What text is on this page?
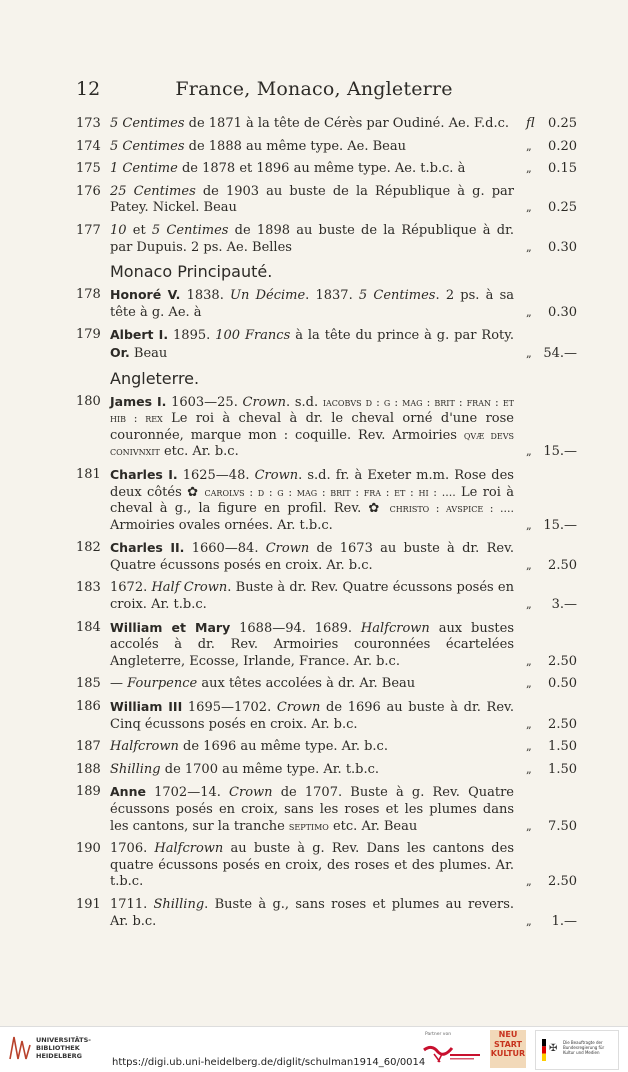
12	France, Monaco, Angleterre
173 5 Centimes de 1871 à la tête de Cérès par Oudiné. Ae. F.d.c.	fl	0.25
174 5 Centimes de 1888 au même type. Ae. Beau	„	0.20
175 1 Centime de 1878 et 1896 au même type. Ae. t.b.c. à	„	0.15
176 25 Centimes de 1903 au buste de la République à g. par Patey. Nickel. Beau	„	0.25
177 10 et 5 Centimes de 1898 au buste de la République à dr. par Dupuis. 2 ps. Ae. Belles	„	0.30
Monaco Principauté.
178 Honoré V. 1838. Un Décime. 1837. 5 Centimes. 2 ps. à sa tête à g. Ae. à	„	0.30
179 Albert I. 1895. 100 Francs à la tête du prince à g. par Roty. Or. Beau	„ 54.—
Angleterre.
180 James I. 1603—25. Crown. s.d. iacobvs d : g : mag : brit : fran : et hib : rex Le roi à cheval à dr. le cheval orné d'une rose couronnée, marque mon : coquille. Rev. Armoiries qvæ devs conivnxit etc. Ar. b.c.	„ 15.—
181 Charles I. 1625—48. Crown. s.d. fr. à Exeter m.m. Rose des deux côtés ✿ carolvs : d : g : mag : brit : fra : et : hi : .... Le roi à cheval à g., la figure en profil. Rev. ✿ christo : avspice : .... Armoiries ovales ornées. Ar. t.b.c.	„ 15.—
182 Charles II. 1660—84. Crown de 1673 au buste à dr. Rev. Quatre écussons posés en croix. Ar. b.c.	„	2.50
183 1672. Half Crown. Buste à dr. Rev. Quatre écussons posés en croix. Ar. t.b.c.	„	3.—
184 William et Mary 1688—94. 1689. Halfcrown aux bustes accolés à dr. Rev. Armoiries couronnées écartelées Angleterre, Ecosse, Irlande, France. Ar. b.c.	„	2.50
185 — Fourpence aux têtes accolées à dr. Ar. Beau	„	0.50
186 William III 1695—1702. Crown de 1696 au buste à dr. Rev. Cinq écussons posés en croix. Ar. b.c.	„	2.50
187 Halfcrown de 1696 au même type. Ar. b.c.	„	1.50
188 Shilling de 1700 au même type. Ar. t.b.c.	„	1.50
189 Anne 1702—14. Crown de 1707. Buste à g. Rev. Quatre écussons posés en croix, sans les roses et les plumes dans les cantons, sur la tranche septimo etc. Ar. Beau	„	7.50
190 1706. Halfcrown au buste à g. Rev. Dans les cantons des quatre écussons posés en croix, des roses et des plumes. Ar. t.b.c.	„	2.50
191 1711. Shilling. Buste à g., sans roses et plumes au revers. Ar. b.c.	„	1.—
UNIVERSITÄTS-
BIBLIOTHEK
HEIDELBERG
https://digi.ub.uni-heidelberg.de/diglit/schulman1914_60/0014
Partner von	NEU
START
KULTUR ✠
Die Beauftragte der Bundesregierung für Kultur und Medien
